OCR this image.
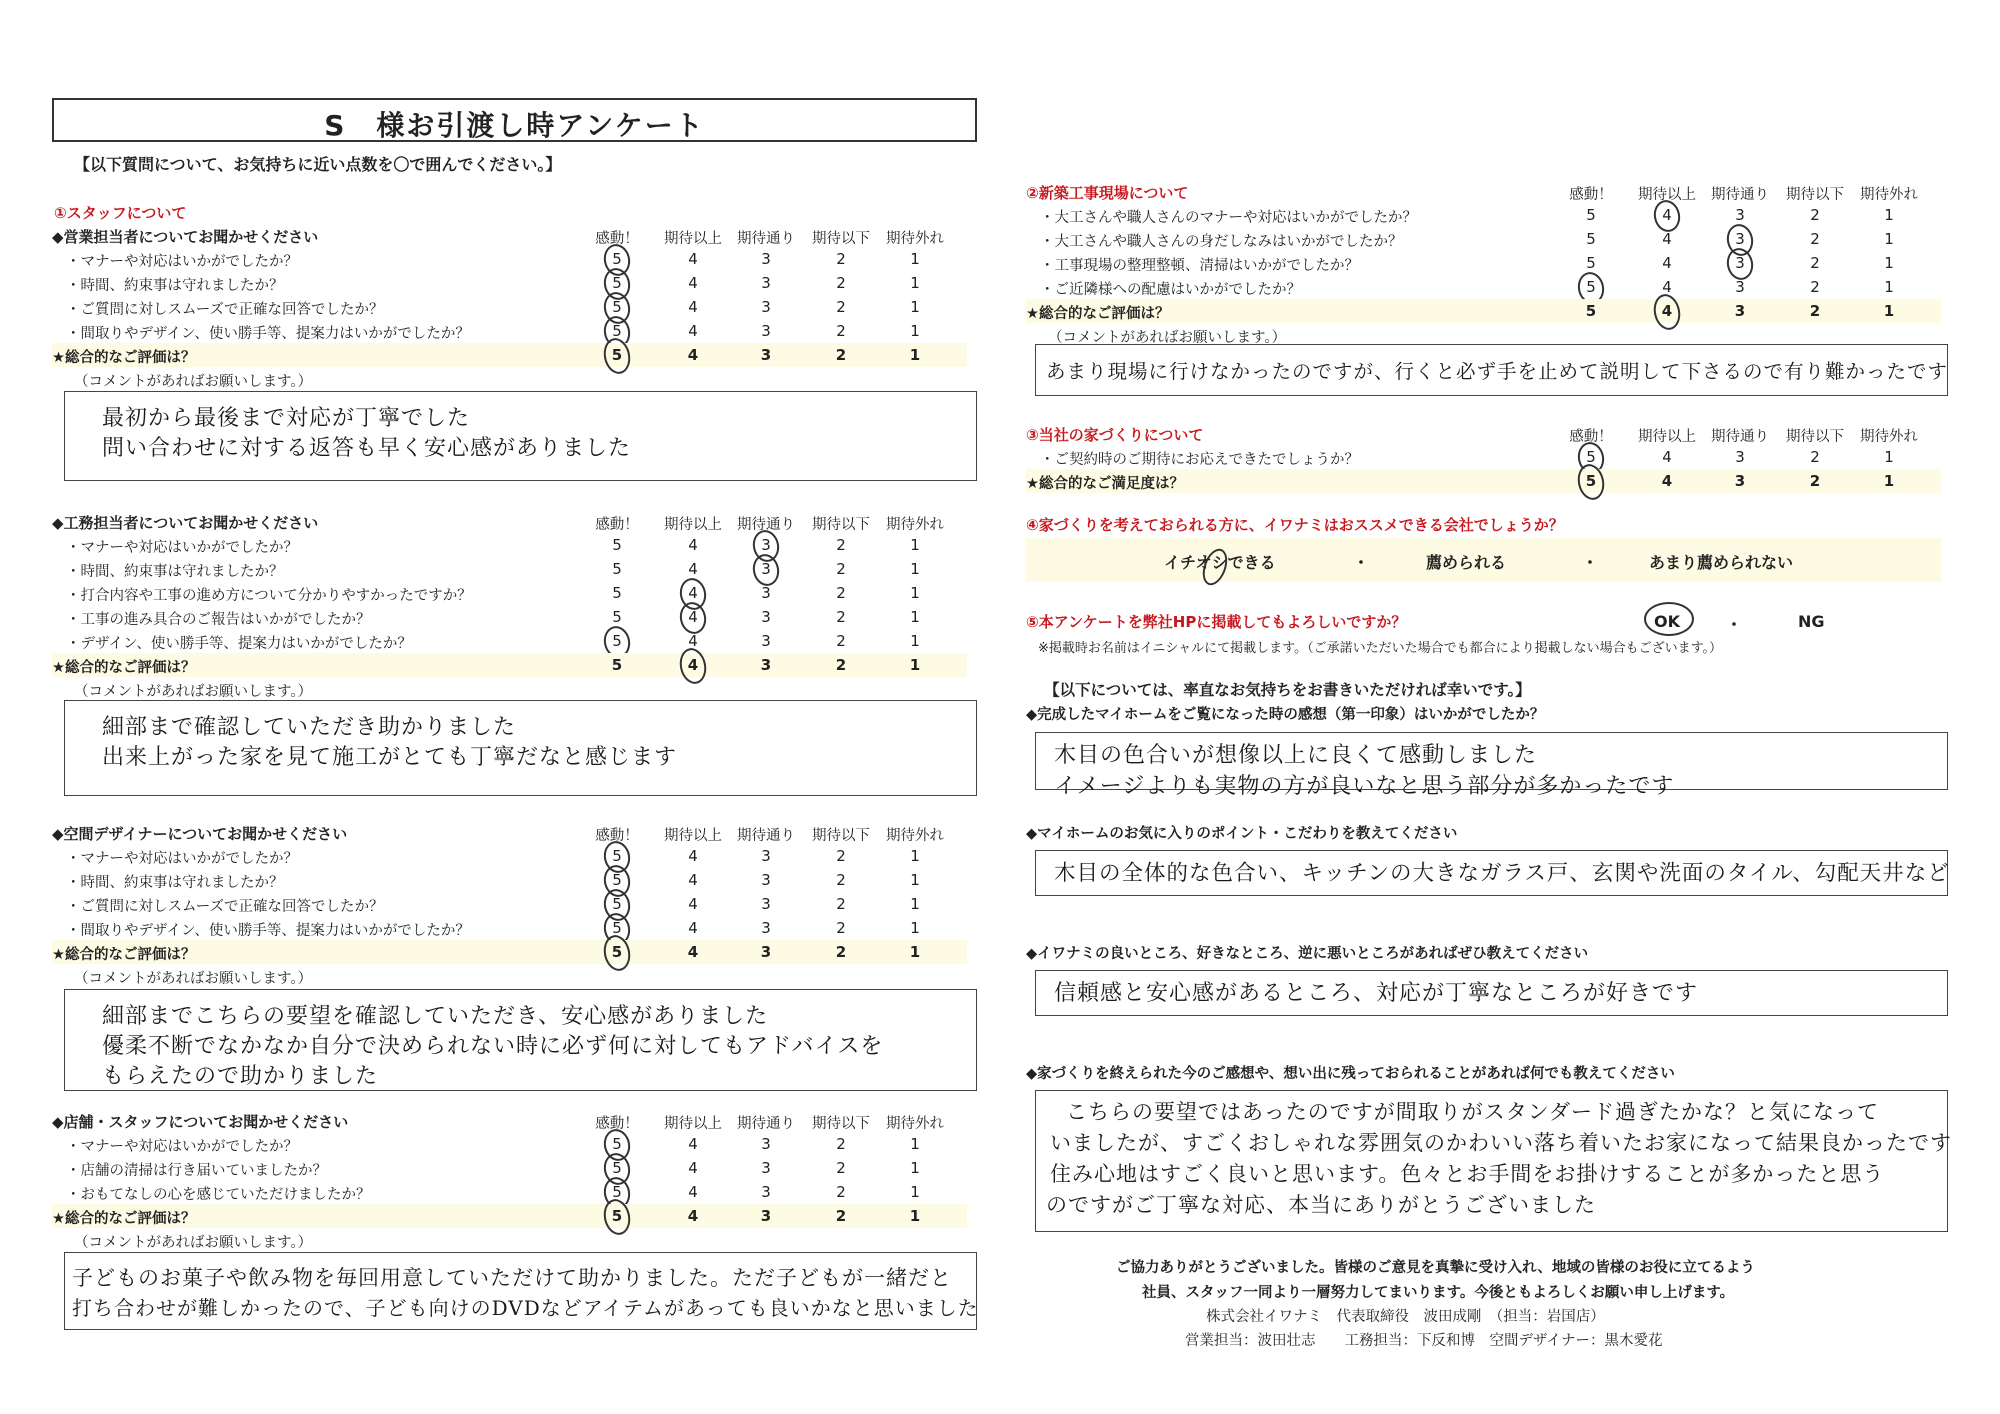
S　様お引渡し時アンケート
【以下質問について、お気持ちに近い点数を〇で囲んでください。】
①スタッフについて
◆営業担当者についてお聞かせください	感動！	期待以上	期待通り	期待以下	期待外れ
・マナーや対応はいかがでしたか？	5	4	3	2	1
・時間、約束事は守れましたか？	5	4	3	2	1
・ご質問に対しスムーズで正確な回答でしたか？	5	4	3	2	1
・間取りやデザイン、使い勝手等、提案力はいかがでしたか？	5	4	3	2	1
★総合的なご評価は？	5	4	3	2	1
（コメントがあればお願いします。）
最初から最後まで対応が丁寧でした
問い合わせに対する返答も早く安心感がありました
◆工務担当者についてお聞かせください	感動！	期待以上	期待通り	期待以下	期待外れ
・マナーや対応はいかがでしたか？	5	4	3	2	1
・時間、約束事は守れましたか？	5	4	3	2	1
・打合内容や工事の進め方について分かりやすかったですか？	5	4	3	2	1
・工事の進み具合のご報告はいかがでしたか？	5	4	3	2	1
・デザイン、使い勝手等、提案力はいかがでしたか？	5	4	3	2	1
★総合的なご評価は？	5	4	3	2	1
（コメントがあればお願いします。）
細部まで確認していただき助かりました
出来上がった家を見て施工がとても丁寧だなと感じます
◆空間デザイナーについてお聞かせください	感動！	期待以上	期待通り	期待以下	期待外れ
・マナーや対応はいかがでしたか？	5	4	3	2	1
・時間、約束事は守れましたか？	5	4	3	2	1
・ご質問に対しスムーズで正確な回答でしたか？	5	4	3	2	1
・間取りやデザイン、使い勝手等、提案力はいかがでしたか？	5	4	3	2	1
★総合的なご評価は？	5	4	3	2	1
（コメントがあればお願いします。）
細部までこちらの要望を確認していただき、安心感がありました
優柔不断でなかなか自分で決められない時に必ず何に対してもアドバイスを
もらえたので助かりました
◆店舗・スタッフについてお聞かせください	感動！	期待以上	期待通り	期待以下	期待外れ
・マナーや対応はいかがでしたか？	5	4	3	2	1
・店舗の清掃は行き届いていましたか？	5	4	3	2	1
・おもてなしの心を感じていただけましたか？	5	4	3	2	1
★総合的なご評価は？	5	4	3	2	1
（コメントがあればお願いします。）
子どものお菓子や飲み物を毎回用意していただけて助かりました。ただ子どもが一緒だと
打ち合わせが難しかったので、子ども向けのDVDなどアイテムがあっても良いかなと思いました
②新築工事現場について	感動！	期待以上	期待通り	期待以下	期待外れ
・大工さんや職人さんのマナーや対応はいかがでしたか？	5	4	3	2	1
・大工さんや職人さんの身だしなみはいかがでしたか？	5	4	3	2	1
・工事現場の整理整頓、清掃はいかがでしたか？	5	4	3	2	1
・ご近隣様への配慮はいかがでしたか？	5	4	3	2	1
★総合的なご評価は？	5	4	3	2	1
（コメントがあればお願いします。）
あまり現場に行けなかったのですが、行くと必ず手を止めて説明して下さるので有り難かったです
③当社の家づくりについて	感動！	期待以上	期待通り	期待以下	期待外れ
・ご契約時のご期待にお応えできたでしょうか？	5	4	3	2	1
★総合的なご満足度は？	5	4	3	2	1
④家づくりを考えておられる方に、イワナミはおススメできる会社でしょうか？
イチオシできる	・	薦められる	・	あまり薦められない
⑤本アンケートを弊社HPに掲載してもよろしいですか？	OK	・	NG
※掲載時お名前はイニシャルにて掲載します。（ご承諾いただいた場合でも都合により掲載しない場合もございます。）
【以下については、率直なお気持ちをお書きいただければ幸いです。】
◆完成したマイホームをご覧になった時の感想（第一印象）はいかがでしたか？
木目の色合いが想像以上に良くて感動しました
イメージよりも実物の方が良いなと思う部分が多かったです
◆マイホームのお気に入りのポイント・こだわりを教えてください
木目の全体的な色合い、キッチンの大きなガラス戸、玄関や洗面のタイル、勾配天井など
◆イワナミの良いところ、好きなところ、逆に悪いところがあればぜひ教えてください
信頼感と安心感があるところ、対応が丁寧なところが好きです
◆家づくりを終えられた今のご感想や、想い出に残っておられることがあれば何でも教えてください
こちらの要望ではあったのですが間取りがスタンダード過ぎたかな？と気になって
いましたが、すごくおしゃれな雰囲気のかわいい落ち着いたお家になって結果良かったです
住み心地はすごく良いと思います。色々とお手間をお掛けすることが多かったと思う
のですがご丁寧な対応、本当にありがとうございました
ご協力ありがとうございました。皆様のご意見を真摯に受け入れ、地域の皆様のお役に立てるよう
社員、スタッフ一同より一層努力してまいります。今後ともよろしくお願い申し上げます。
株式会社イワナミ　代表取締役　波田成剛　（担当：岩国店）
営業担当：波田壮志　　工務担当：下反和博　空間デザイナー：黒木愛花
